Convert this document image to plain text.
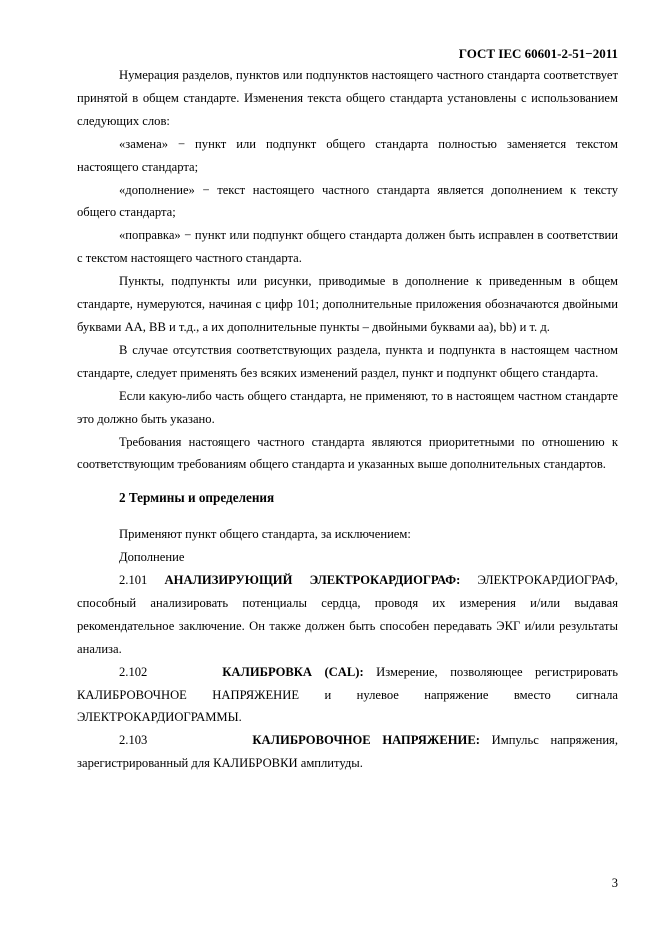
ГОСТ IEC 60601-2-51−2011

Нумерация разделов, пунктов или подпунктов настоящего частного стандарта соответствует принятой в общем стандарте. Изменения текста общего стандарта установлены с использованием следующих слов:

«замена» − пункт или подпункт общего стандарта полностью заменяется текстом настоящего стандарта;

«дополнение» − текст настоящего частного стандарта является дополнением к тексту общего стандарта;

«поправка» − пункт или подпункт общего стандарта должен быть исправлен в соответствии с текстом настоящего частного стандарта.

Пункты, подпункты или рисунки, приводимые в дополнение к приведенным в общем стандарте, нумеруются, начиная с цифр 101; дополнительные приложения обозначаются двойными буквами АА, ВВ и т.д., а их дополнительные пункты – двойными буквами аа), bb) и т. д.

В случае отсутствия соответствующих раздела, пункта и подпункта в настоящем частном стандарте, следует применять без всяких изменений раздел, пункт и подпункт общего стандарта.

Если какую-либо часть общего стандарта, не применяют, то в настоящем частном стандарте это должно быть указано.

Требования настоящего частного стандарта являются приоритетными по отношению к соответствующим требованиям общего стандарта и указанных выше дополнительных стандартов.

2 Термины и определения

Применяют пункт общего стандарта, за исключением:

Дополнение

2.101 АНАЛИЗИРУЮЩИЙ ЭЛЕКТРОКАРДИОГРАФ: ЭЛЕКТРОКАРДИОГРАФ, способный анализировать потенциалы сердца, проводя их измерения и/или выдавая рекомендательное заключение. Он также должен быть способен передавать ЭКГ и/или результаты анализа.

2.102	КАЛИБРОВКА (CAL): Измерение, позволяющее регистрировать КАЛИБРОВОЧНОЕ НАПРЯЖЕНИЕ и нулевое напряжение вместо сигнала ЭЛЕКТРОКАРДИОГРАММЫ.

2.103	КАЛИБРОВОЧНОЕ НАПРЯЖЕНИЕ: Импульс напряжения, зарегистрированный для КАЛИБРОВКИ амплитуды.

3
